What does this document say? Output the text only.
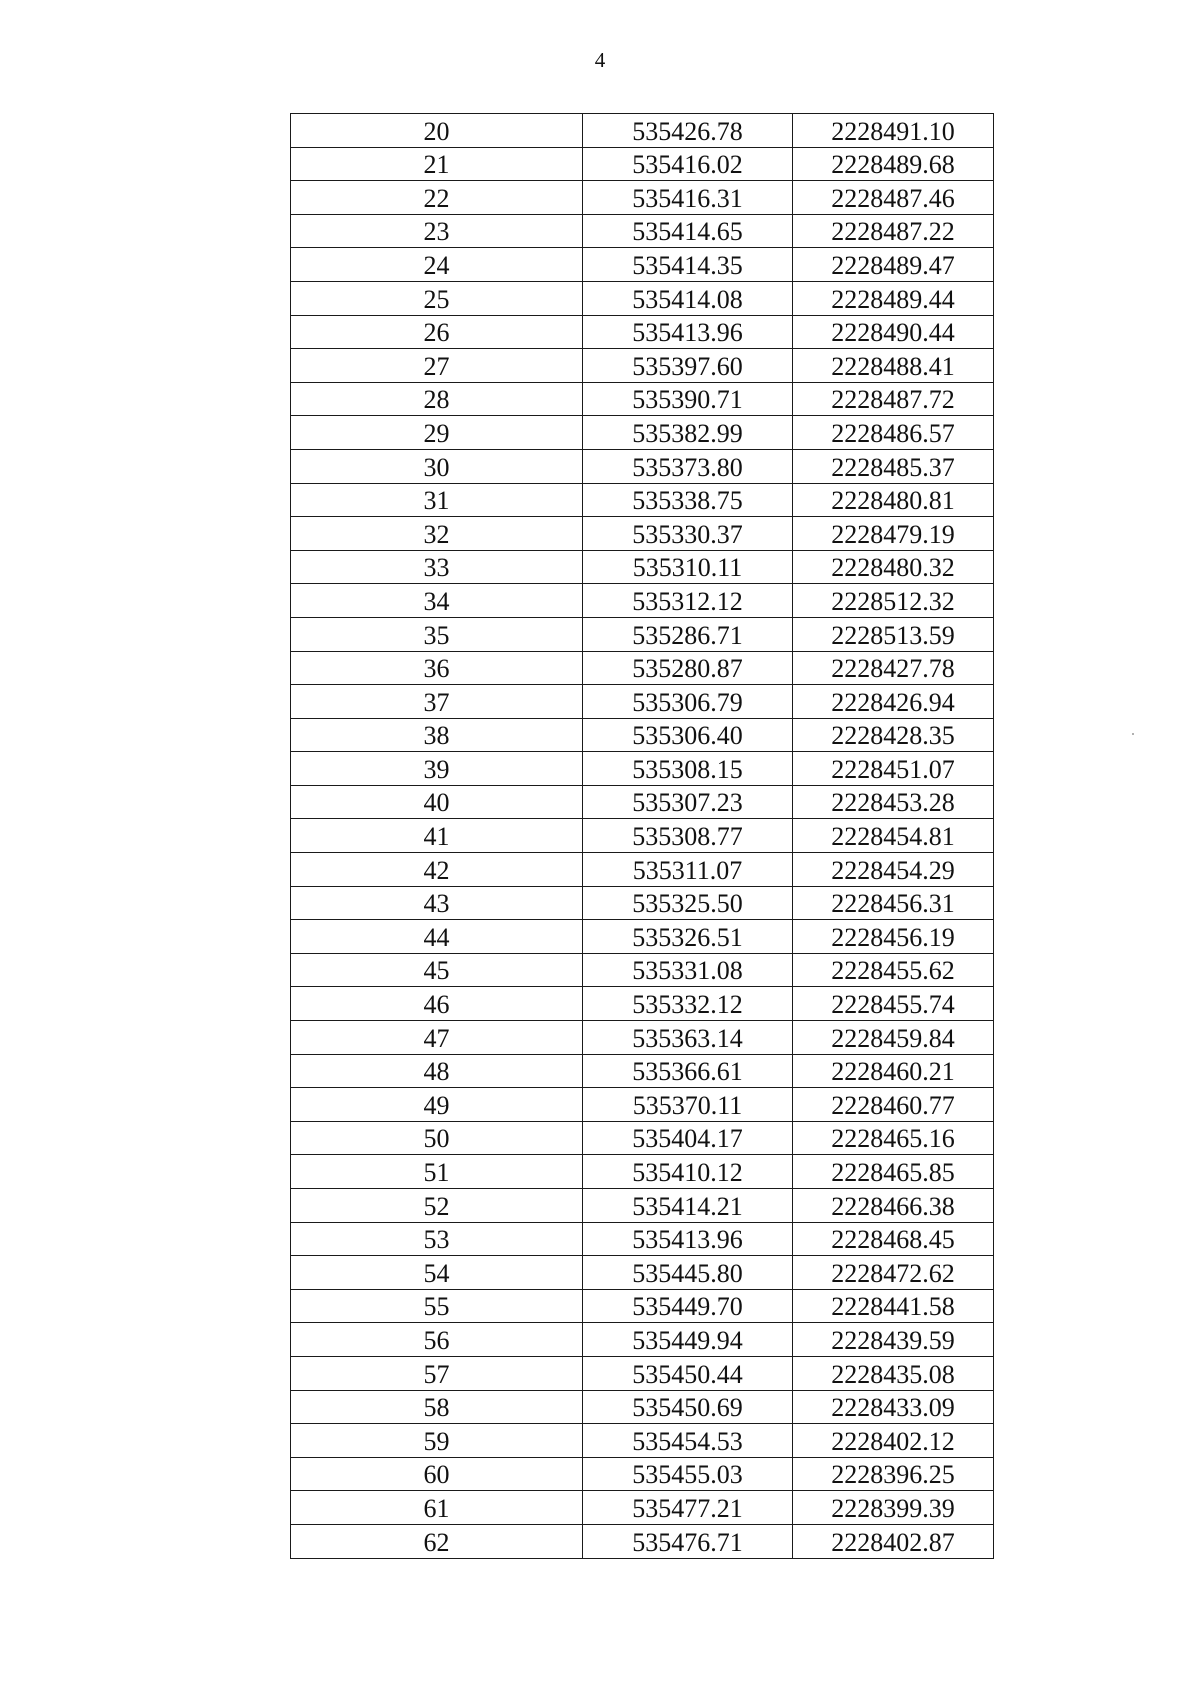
4
20	535426.78	2228491.10
21	535416.02	2228489.68
22	535416.31	2228487.46
23	535414.65	2228487.22
24	535414.35	2228489.47
25	535414.08	2228489.44
26	535413.96	2228490.44
27	535397.60	2228488.41
28	535390.71	2228487.72
29	535382.99	2228486.57
30	535373.80	2228485.37
31	535338.75	2228480.81
32	535330.37	2228479.19
33	535310.11	2228480.32
34	535312.12	2228512.32
35	535286.71	2228513.59
36	535280.87	2228427.78
37	535306.79	2228426.94
38	535306.40	2228428.35
39	535308.15	2228451.07
40	535307.23	2228453.28
41	535308.77	2228454.81
42	535311.07	2228454.29
43	535325.50	2228456.31
44	535326.51	2228456.19
45	535331.08	2228455.62
46	535332.12	2228455.74
47	535363.14	2228459.84
48	535366.61	2228460.21
49	535370.11	2228460.77
50	535404.17	2228465.16
51	535410.12	2228465.85
52	535414.21	2228466.38
53	535413.96	2228468.45
54	535445.80	2228472.62
55	535449.70	2228441.58
56	535449.94	2228439.59
57	535450.44	2228435.08
58	535450.69	2228433.09
59	535454.53	2228402.12
60	535455.03	2228396.25
61	535477.21	2228399.39
62	535476.71	2228402.87
